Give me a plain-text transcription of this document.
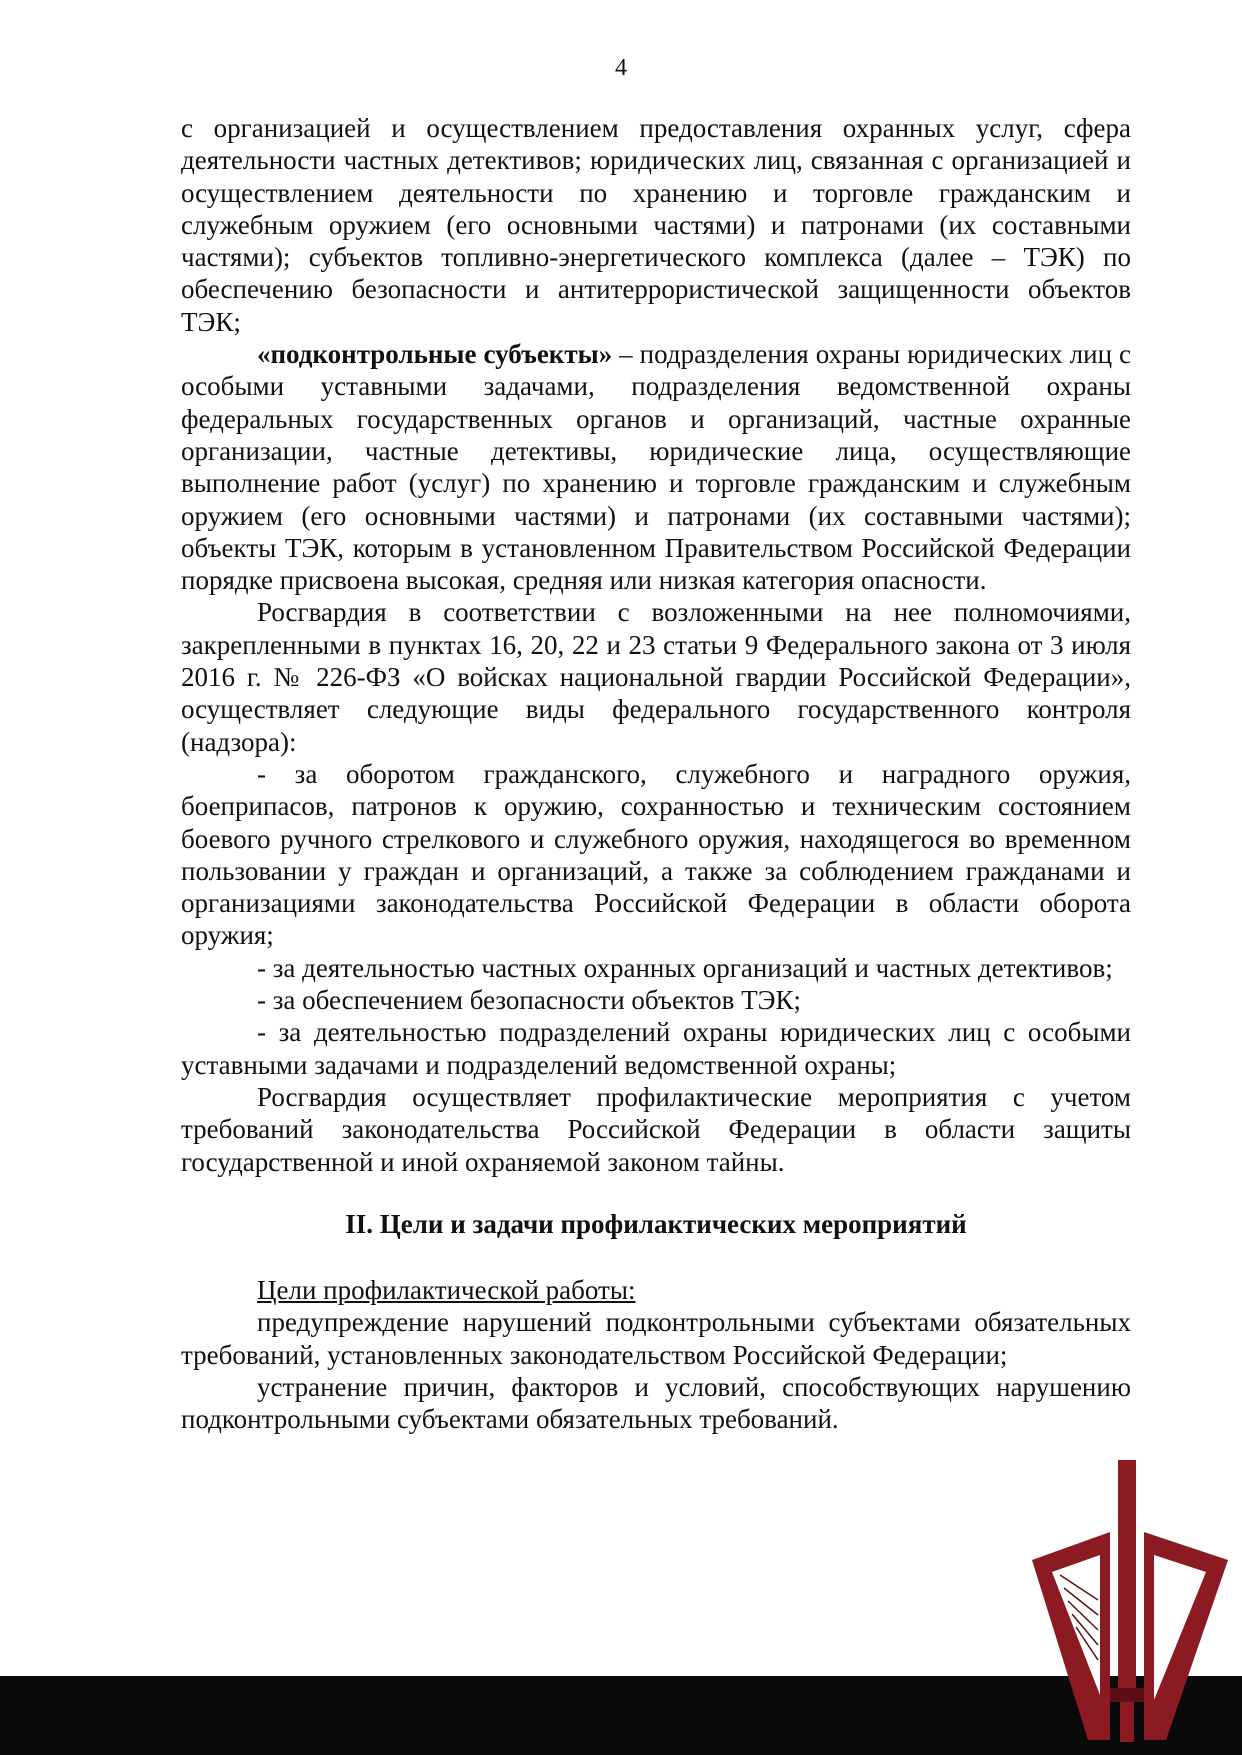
4

с организацией и осуществлением предоставления охранных услуг, сфера деятельности частных детективов; юридических лиц, связанная с организацией и осуществлением деятельности по хранению и торговле гражданским и служебным оружием (его основными частями) и патронами (их составными частями); субъектов топливно-энергетического комплекса (далее – ТЭК) по обеспечению безопасности и антитеррористической защищенности объектов ТЭК;

«подконтрольные субъекты» – подразделения охраны юридических лиц с особыми уставными задачами, подразделения ведомственной охраны федеральных государственных органов и организаций, частные охранные организации, частные детективы, юридические лица, осуществляющие выполнение работ (услуг) по хранению и торговле гражданским и служебным оружием (его основными частями) и патронами (их составными частями); объекты ТЭК, которым в установленном Правительством Российской Федерации порядке присвоена высокая, средняя или низкая категория опасности.

Росгвардия в соответствии с возложенными на нее полномочиями, закрепленными в пунктах 16, 20, 22 и 23 статьи 9 Федерального закона от 3 июля 2016 г. № 226-ФЗ «О войсках национальной гвардии Российской Федерации», осуществляет следующие виды федерального государственного контроля (надзора):

- за оборотом гражданского, служебного и наградного оружия, боеприпасов, патронов к оружию, сохранностью и техническим состоянием боевого ручного стрелкового и служебного оружия, находящегося во временном пользовании у граждан и организаций, а также за соблюдением гражданами и организациями законодательства Российской Федерации в области оборота оружия;

- за деятельностью частных охранных организаций и частных детективов;

- за обеспечением безопасности объектов ТЭК;

- за деятельностью подразделений охраны юридических лиц с особыми уставными задачами и подразделений ведомственной охраны;

Росгвардия осуществляет профилактические мероприятия с учетом требований законодательства Российской Федерации в области защиты государственной и иной охраняемой законом тайны.

II. Цели и задачи профилактических мероприятий

Цели профилактической работы:

предупреждение нарушений подконтрольными субъектами обязательных требований, установленных законодательством Российской Федерации;

устранение причин, факторов и условий, способствующих нарушению подконтрольными субъектами обязательных требований.
